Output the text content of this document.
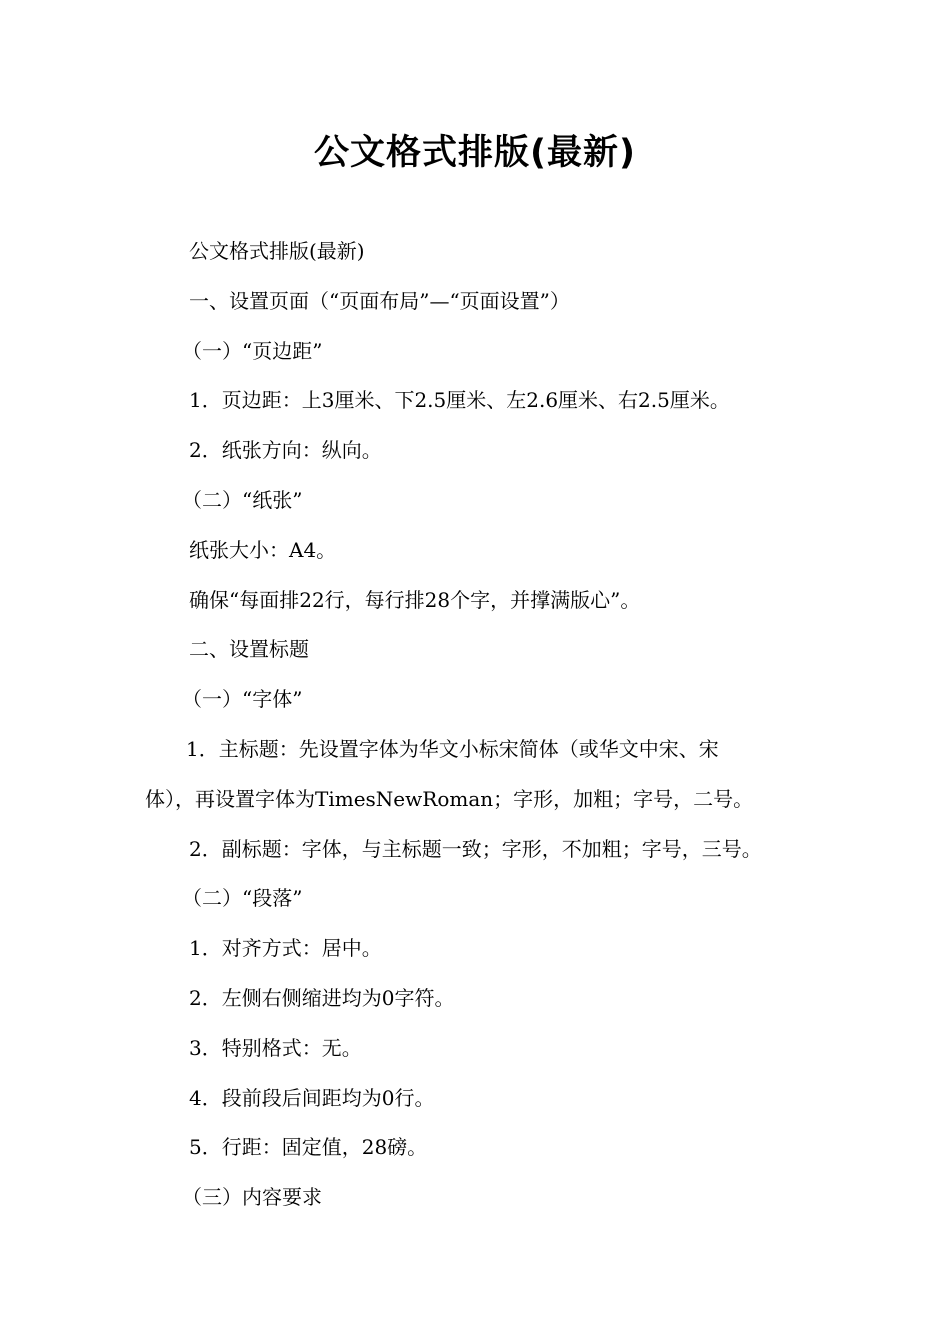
公文格式排版(最新)
公文格式排版(最新)
一、设置页面（“页面布局”—“页面设置”）
（一）“页边距”
1．页边距：上3厘米、下2.5厘米、左2.6厘米、右2.5厘米。
2．纸张方向：纵向。
（二）“纸张”
纸张大小：A4。
确保“每面排22行，每行排28个字，并撑满版心”。
二、设置标题
（一）“字体”
1．主标题：先设置字体为华文小标宋简体（或华文中宋、宋
体），再设置字体为TimesNewRoman；字形，加粗；字号，二号。
2．副标题：字体，与主标题一致；字形，不加粗；字号，三号。
（二）“段落”
1．对齐方式：居中。
2．左侧右侧缩进均为0字符。
3．特别格式：无。
4．段前段后间距均为0行。
5．行距：固定值，28磅。
（三）内容要求
